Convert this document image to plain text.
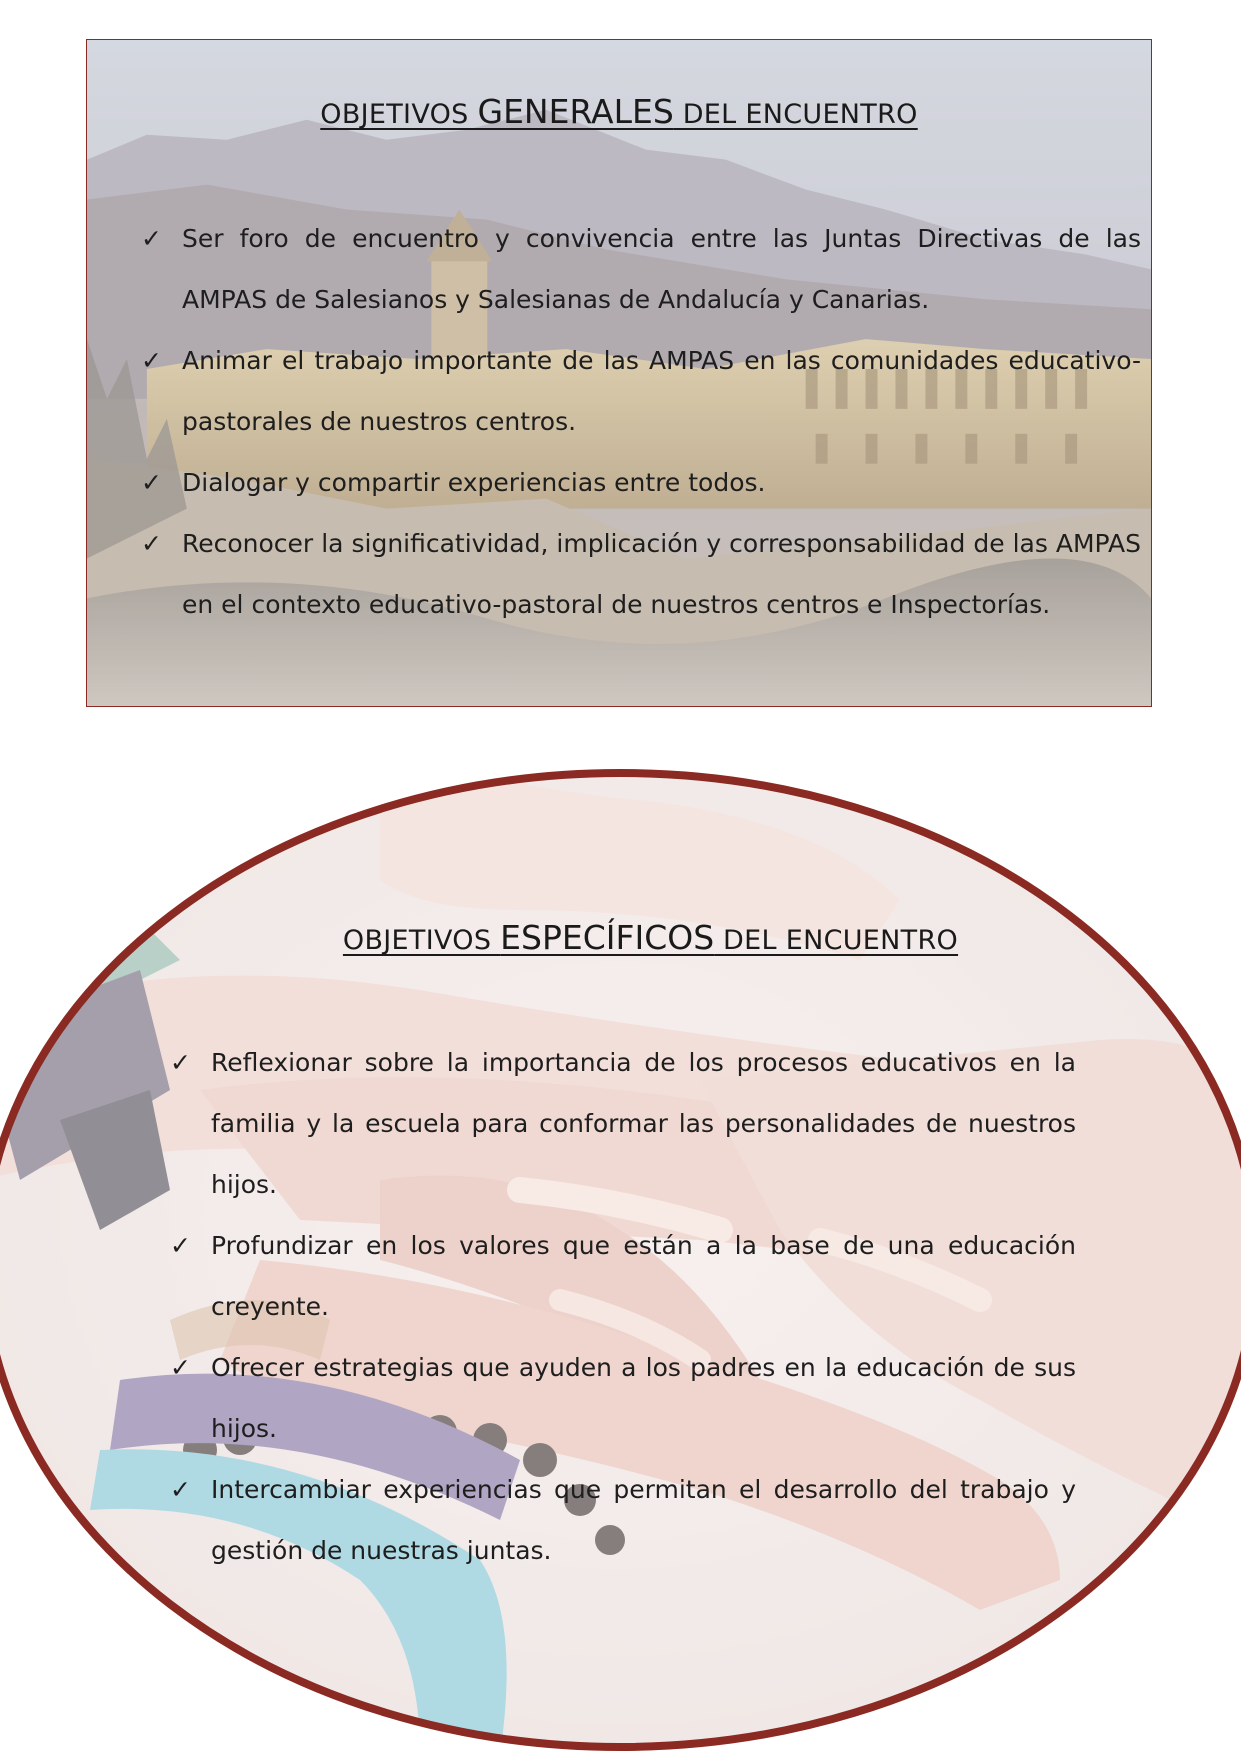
OBJETIVOS GENERALES DEL ENCUENTRO
✓ Ser foro de encuentro y convivencia entre las Juntas Directivas de las AMPAS de Salesianos y Salesianas de Andalucía y Canarias.
✓ Animar el trabajo importante de las AMPAS en las comunidades educativo-pastorales de nuestros centros.
✓ Dialogar y compartir experiencias entre todos.
✓ Reconocer la significatividad, implicación y corresponsabilidad de las AMPAS en el contexto educativo-pastoral de nuestros centros e Inspectorías.
OBJETIVOS ESPECÍFICOS DEL ENCUENTRO
✓ Reflexionar sobre la importancia de los procesos educativos en la familia y la escuela para conformar las personalidades de nuestros hijos.
✓ Profundizar en los valores que están a la base de una educación creyente.
✓ Ofrecer estrategias que ayuden a los padres en la educación de sus hijos.
✓ Intercambiar experiencias que permitan el desarrollo del trabajo y gestión de nuestras juntas.
